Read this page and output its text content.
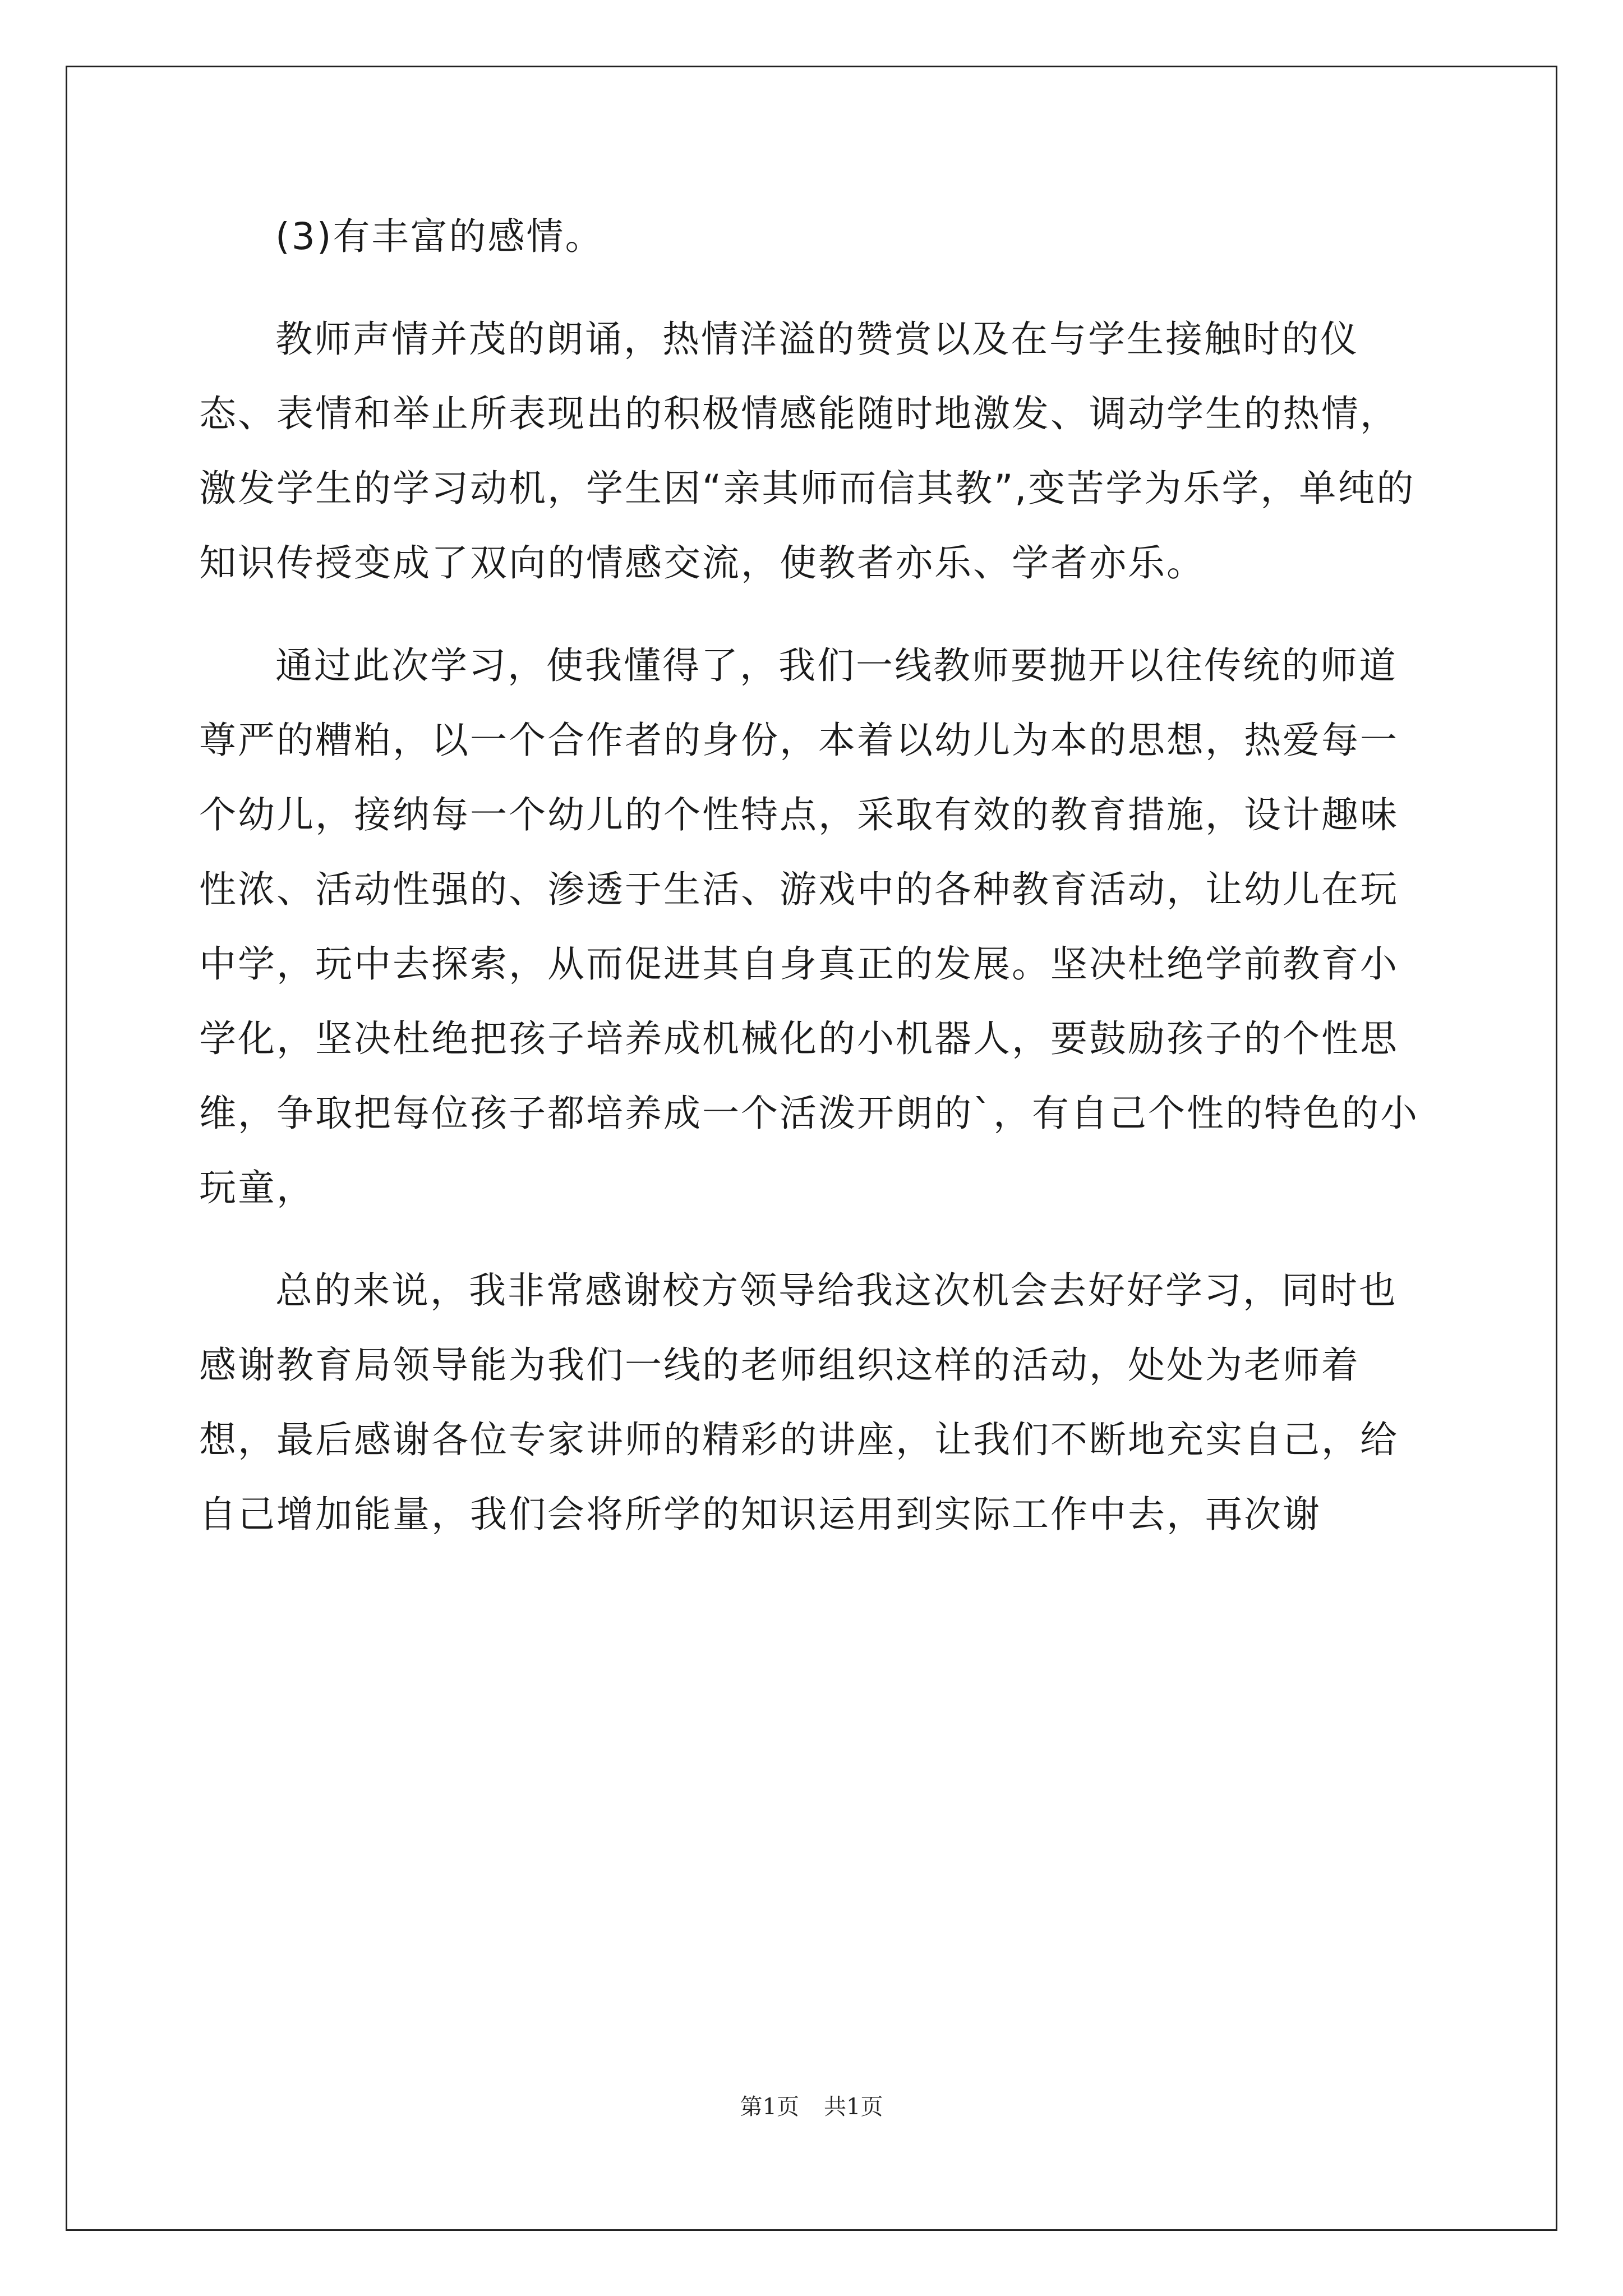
(3)有丰富的感情。

教师声情并茂的朗诵，热情洋溢的赞赏以及在与学生接触时的仪态、表情和举止所表现出的积极情感能随时地激发、调动学生的热情，激发学生的学习动机，学生因“亲其师而信其教”,变苦学为乐学，单纯的知识传授变成了双向的情感交流，使教者亦乐、学者亦乐。

通过此次学习，使我懂得了，我们一线教师要抛开以往传统的师道尊严的糟粕，以一个合作者的身份，本着以幼儿为本的思想，热爱每一个幼儿，接纳每一个幼儿的个性特点，采取有效的教育措施，设计趣味性浓、活动性强的、渗透于生活、游戏中的各种教育活动，让幼儿在玩中学，玩中去探索，从而促进其自身真正的发展。坚决杜绝学前教育小学化，坚决杜绝把孩子培养成机械化的小机器人，要鼓励孩子的个性思维，争取把每位孩子都培养成一个活泼开朗的`，有自己个性的特色的小玩童，

总的来说，我非常感谢校方领导给我这次机会去好好学习，同时也感谢教育局领导能为我们一线的老师组织这样的活动，处处为老师着想，最后感谢各位专家讲师的精彩的讲座，让我们不断地充实自己，给自己增加能量，我们会将所学的知识运用到实际工作中去，再次谢

第1页 共1页
